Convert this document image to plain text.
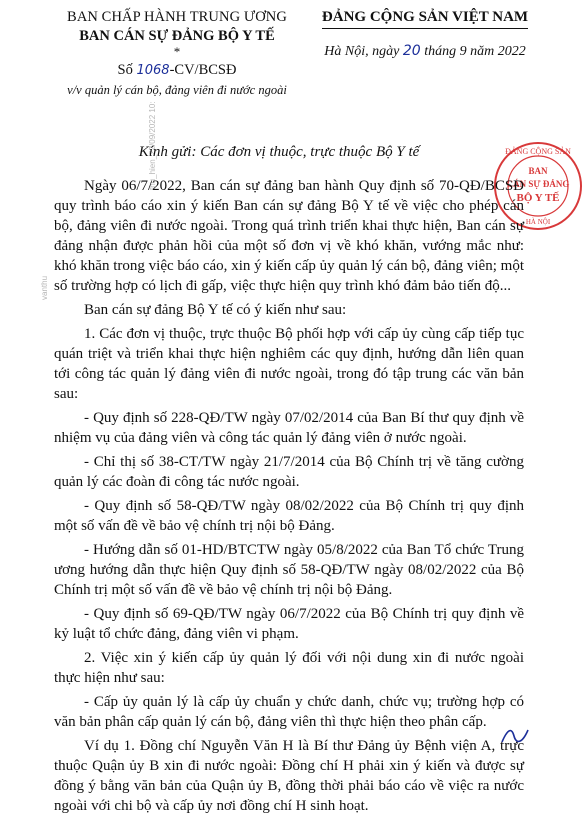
thu_hien_22/09/2022 10:
vanthu
BAN CHẤP HÀNH TRUNG ƯƠNG
BAN CÁN SỰ ĐẢNG BỘ Y TẾ
*
Số 1068-CV/BCSĐ
v/v quản lý cán bộ, đảng viên đi nước ngoài
ĐẢNG CỘNG SẢN VIỆT NAM
Hà Nội, ngày 20 tháng 9 năm 2022
ĐẢNG CỘNG SẢN
BAN
CÁN SỰ ĐẢNG
BỘ Y TẾ
HÀ NỘI
Kính gửi: Các đơn vị thuộc, trực thuộc Bộ Y tế

Ngày 06/7/2022, Ban cán sự đảng ban hành Quy định số 70-QĐ/BCSĐ quy trình báo cáo xin ý kiến Ban cán sự đảng Bộ Y tế về việc cho phép cán bộ, đảng viên đi nước ngoài. Trong quá trình triển khai thực hiện, Ban cán sự đảng nhận được phản hồi của một số đơn vị về khó khăn, vướng mắc như: khó khăn trong việc báo cáo, xin ý kiến cấp ủy quản lý cán bộ, đảng viên; một số trường hợp có lịch đi gấp, việc thực hiện quy trình khó đảm bảo tiến độ...

Ban cán sự đảng Bộ Y tế có ý kiến như sau:

1. Các đơn vị thuộc, trực thuộc Bộ phối hợp với cấp ủy cùng cấp tiếp tục quán triệt và triển khai thực hiện nghiêm các quy định, hướng dẫn liên quan tới công tác quản lý đảng viên đi nước ngoài, trong đó tập trung các văn bản sau:

- Quy định số 228-QĐ/TW ngày 07/02/2014 của Ban Bí thư quy định về nhiệm vụ của đảng viên và công tác quản lý đảng viên ở nước ngoài.

- Chỉ thị số 38-CT/TW ngày 21/7/2014 của Bộ Chính trị về tăng cường quản lý các đoàn đi công tác nước ngoài.

- Quy định số 58-QĐ/TW ngày 08/02/2022 của Bộ Chính trị quy định một số vấn đề về bảo vệ chính trị nội bộ Đảng.

- Hướng dẫn số 01-HD/BTCTW ngày 05/8/2022 của Ban Tổ chức Trung ương hướng dẫn thực hiện Quy định số 58-QĐ/TW ngày 08/02/2022 của Bộ Chính trị một số vấn đề về bảo vệ chính trị nội bộ Đảng.

- Quy định số 69-QĐ/TW ngày 06/7/2022 của Bộ Chính trị quy định về kỷ luật tổ chức đảng, đảng viên vi phạm.

2. Việc xin ý kiến cấp ủy quản lý đối với nội dung xin đi nước ngoài thực hiện như sau:

- Cấp ủy quản lý là cấp ủy chuẩn y chức danh, chức vụ; trường hợp có văn bản phân cấp quản lý cán bộ, đảng viên thì thực hiện theo phân cấp.

Ví dụ 1. Đồng chí Nguyễn Văn H là Bí thư Đảng ủy Bệnh viện A, trực thuộc Quận ủy B xin đi nước ngoài: Đồng chí H phải xin ý kiến và được sự đồng ý bằng văn bản của Quận ủy B, đồng thời phải báo cáo về việc ra nước ngoài với chi bộ và cấp ủy nơi đồng chí H sinh hoạt.
